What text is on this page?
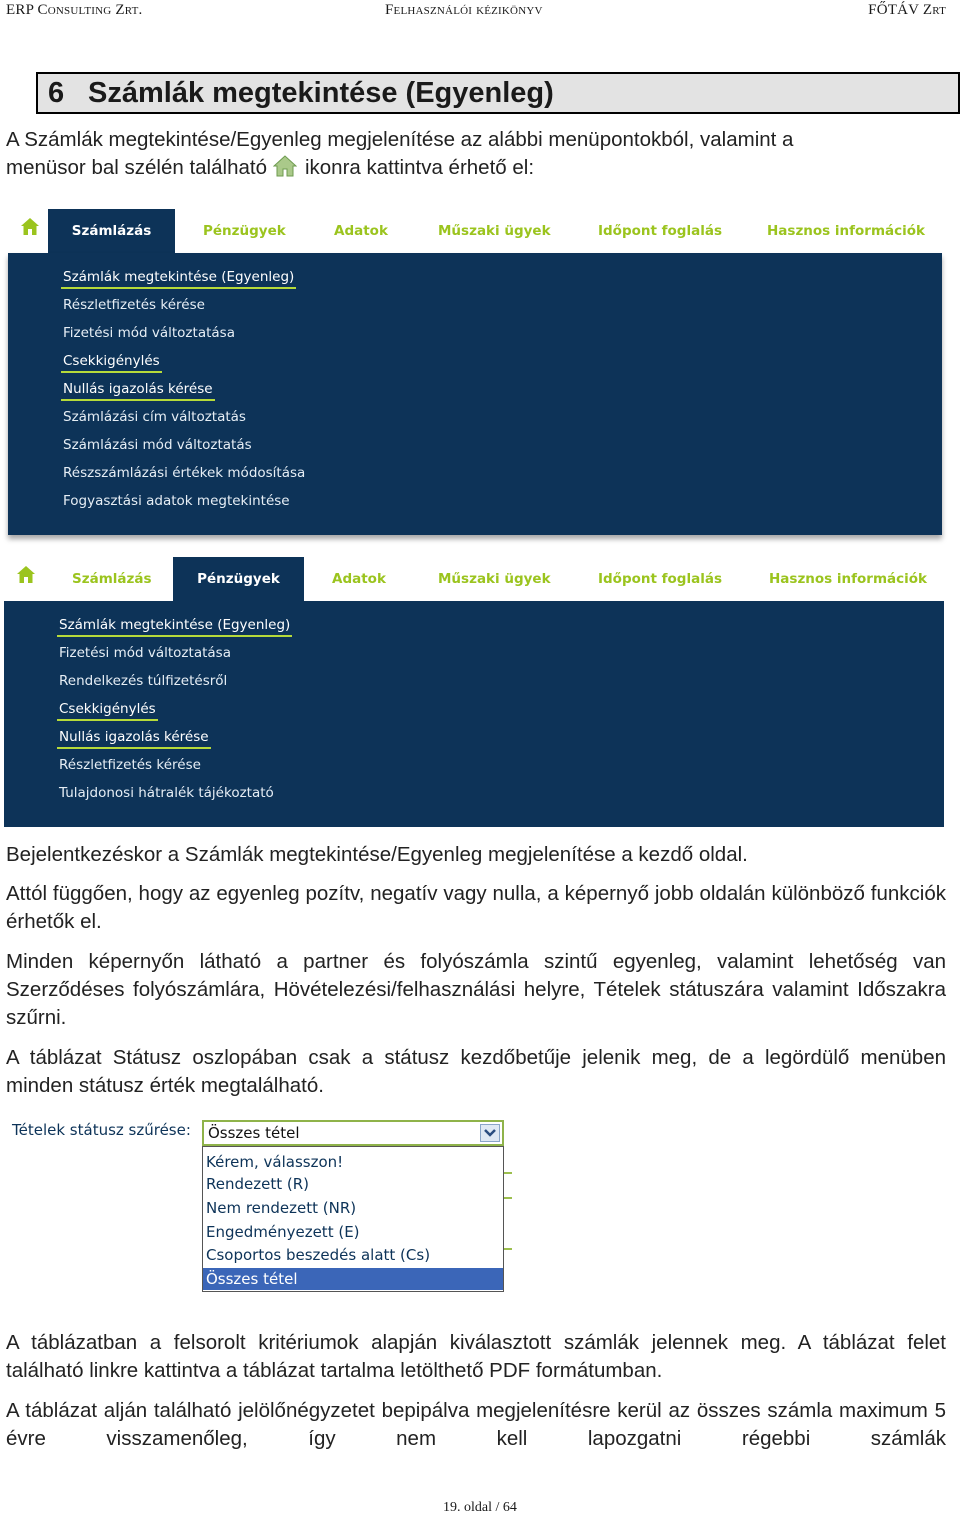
ERP Consulting Zrt.	Felhasználói kézikönyv	FŐTÁV Zrt
6 Számlák megtekintése (Egyenleg)
A Számlák megtekintése/Egyenleg megjelenítése az alábbi menüpontokból, valamint a
menüsor bal szélén található ikonra kattintva érhető el:
Számlázás	Pénzügyek	Adatok	Műszaki ügyek	Időpont foglalás	Hasznos információk
Számlák megtekintése (Egyenleg)
Részletfizetés kérése
Fizetési mód változtatása
Csekkigénylés
Nullás igazolás kérése
Számlázási cím változtatás
Számlázási mód változtatás
Részszámlázási értékek módosítása
Fogyasztási adatok megtekintése
Számlázás	Pénzügyek	Adatok	Műszaki ügyek	Időpont foglalás	Hasznos információk
Számlák megtekintése (Egyenleg)
Fizetési mód változtatása
Rendelkezés túlfizetésről
Csekkigénylés
Nullás igazolás kérése
Részletfizetés kérése
Tulajdonosi hátralék tájékoztató
Bejelentkezéskor a Számlák megtekintése/Egyenleg megjelenítése a kezdő oldal.
Attól függően, hogy az egyenleg pozítv, negatív vagy nulla, a képernyő jobb oldalán különböző funkciók érhetők el.
Minden képernyőn látható a partner és folyószámla szintű egyenleg, valamint lehetőség van Szerződéses folyószámlára, Hövételezési/felhasználási helyre, Tételek státuszára valamint Időszakra szűrni.
A táblázat Státusz oszlopában csak a státusz kezdőbetűje jelenik meg, de a legördülő menüben minden státusz érték megtalálható.
Tételek státusz szűrése: Összes tétel
Kérem, válasszon!
Rendezett (R)
Nem rendezett (NR)
Engedményezett (E)
Csoportos beszedés alatt (Cs)
Összes tétel
A táblázatban a felsorolt kritériumok alapján kiválasztott számlák jelennek meg. A táblázat felet található linkre kattintva a táblázat tartalma letölthető PDF formátumban.
A táblázat alján található jelölőnégyzetet bepipálva megjelenítésre kerül az összes számla maximum 5 évre visszamenőleg, így nem kell lapozgatni régebbi számlák
19. oldal / 64
